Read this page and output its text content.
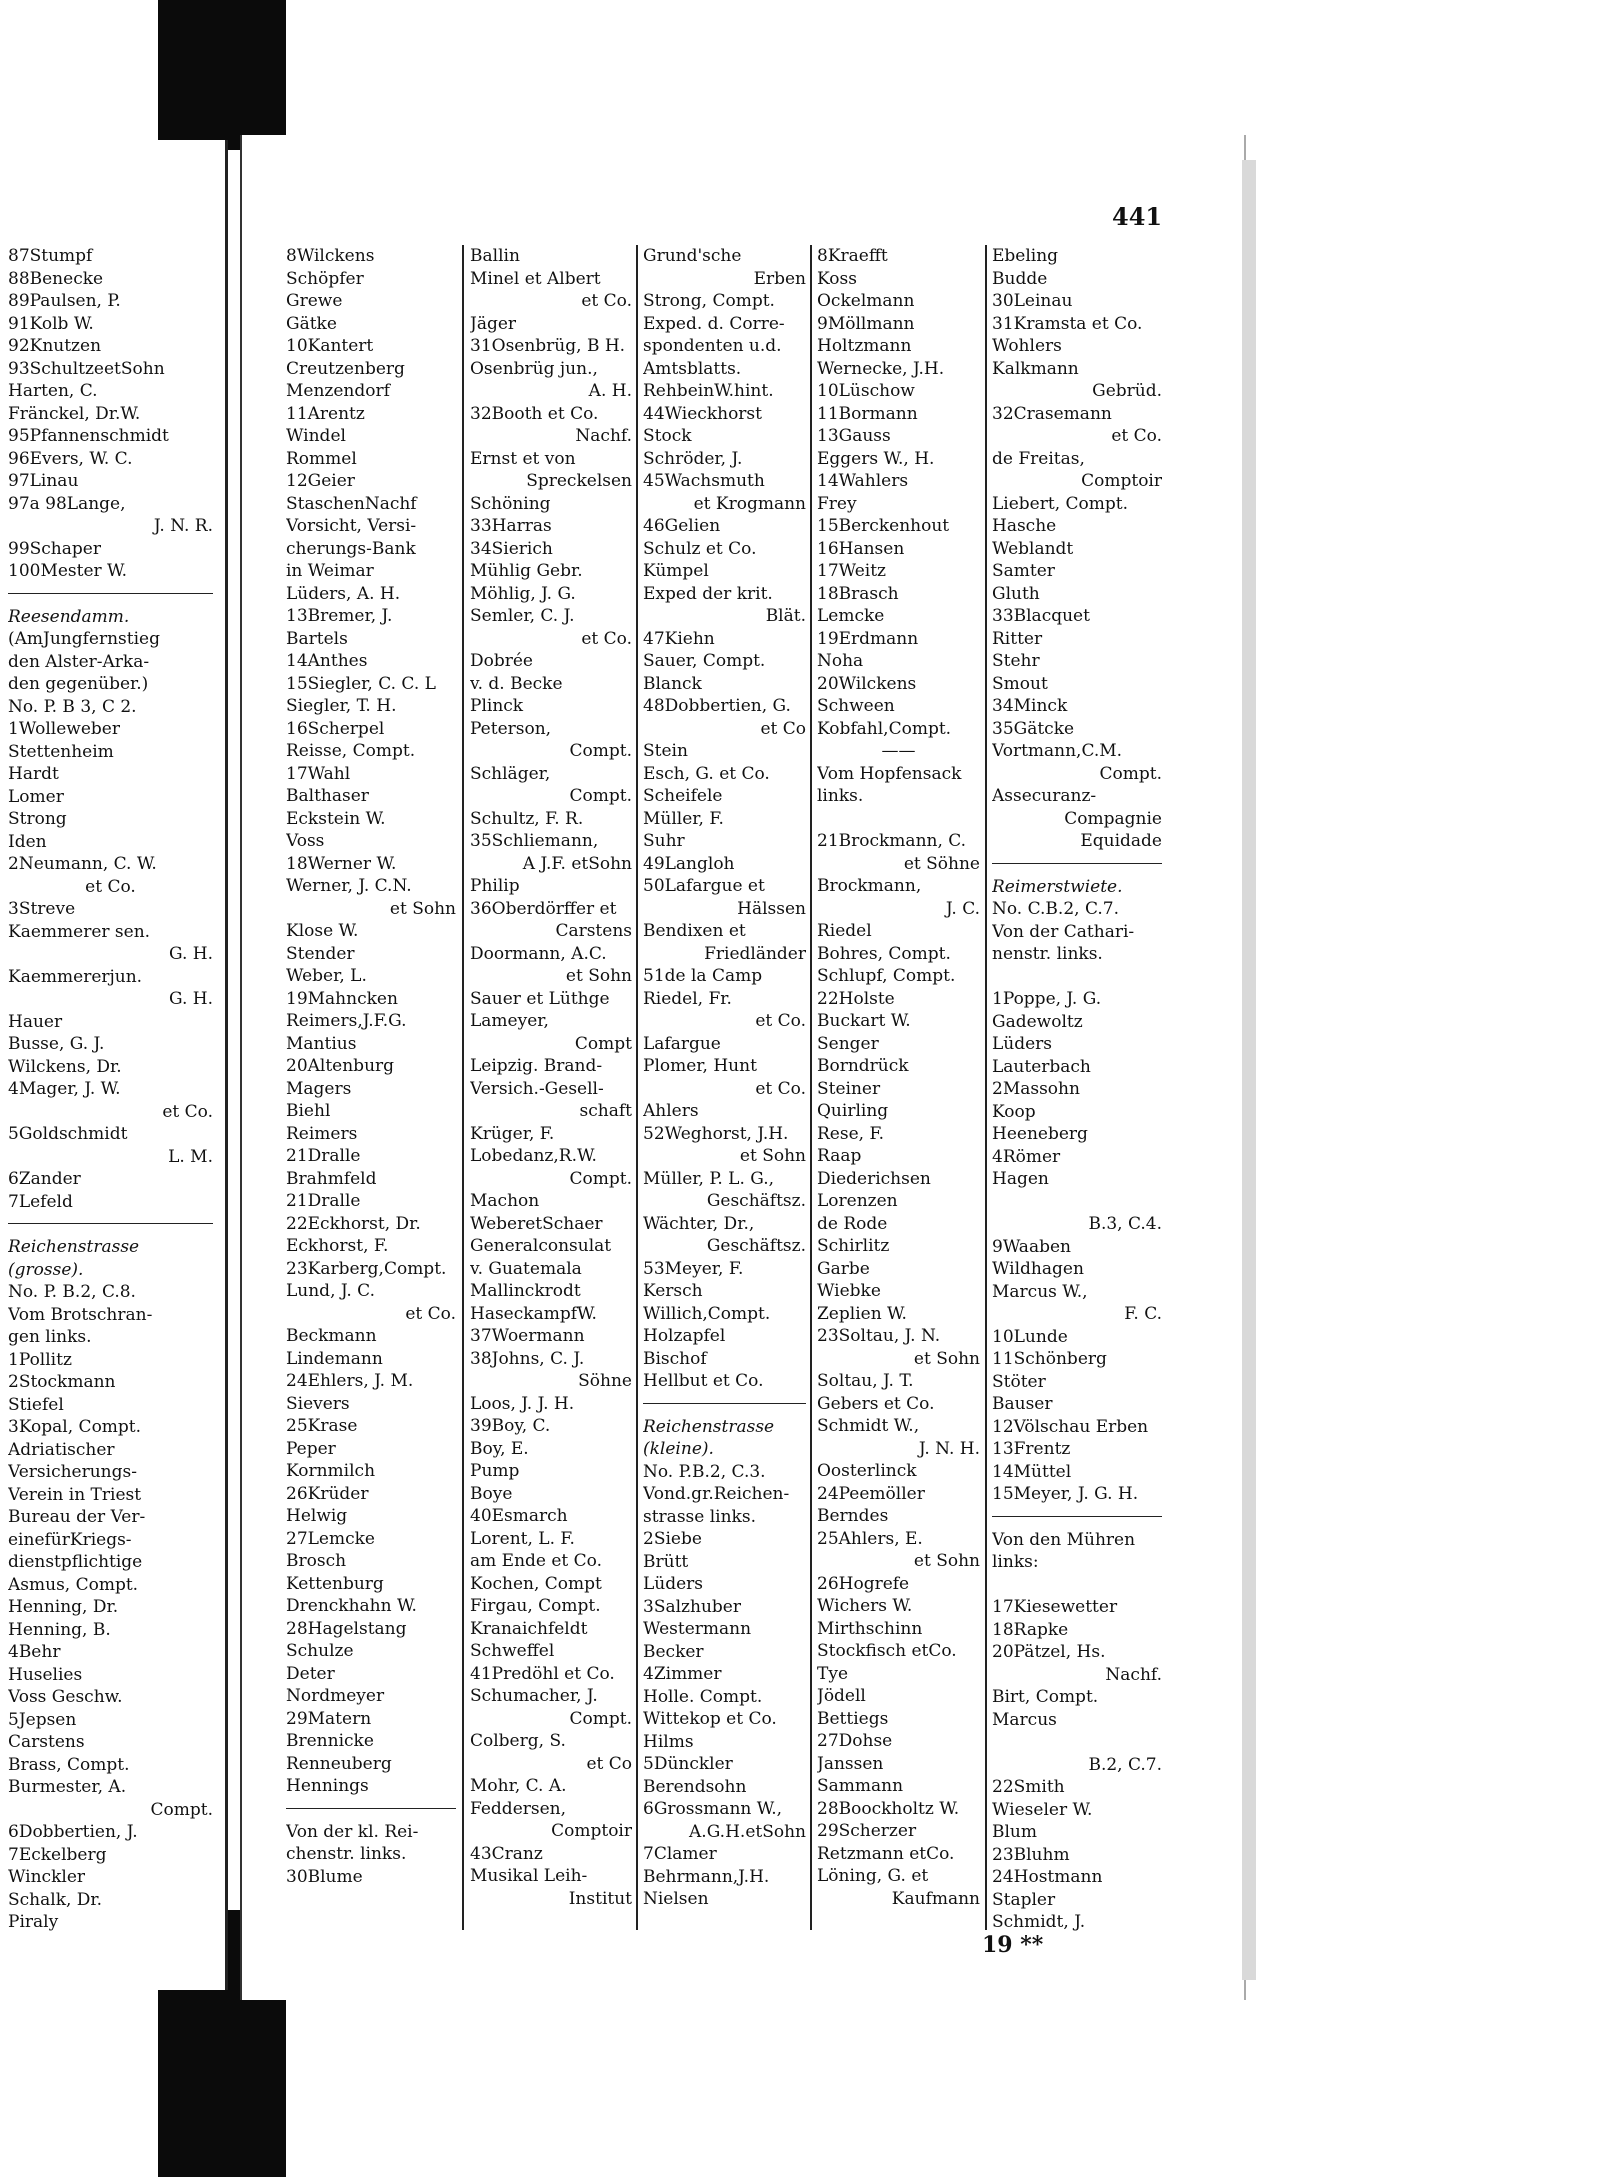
441
87Stumpf
88Benecke
89Paulsen, P.
91Kolb W.
92Knutzen
93SchultzeetSohn
Harten, C.
Fränckel, Dr.W.
95Pfannenschmidt
96Evers, W. C.
97Linau
97a 98Lange,
J. N. R.
99Schaper
100Mester W.
Reesendamm.
(AmJungfernstieg
den Alster-Arka-
den gegenüber.)
No. P. B 3, C 2.
1Wolleweber
Stettenheim
Hardt
Lomer
Strong
Iden
2Neumann, C. W.
et Co.
3Streve
Kaemmerer sen.
G. H.
Kaemmererjun.
G. H.
Hauer
Busse, G. J.
Wilckens, Dr.
4Mager, J. W.
et Co.
5Goldschmidt
L. M.
6Zander
7Lefeld
Reichenstrasse
(grosse).
No. P. B.2, C.8.
Vom Brotschran-
gen links.
1Pollitz
2Stockmann
Stiefel
3Kopal, Compt.
Adriatischer
Versicherungs-
Verein in Triest
Bureau der Ver-
einefürKriegs-
dienstpflichtige
Asmus, Compt.
Henning, Dr.
Henning, B.
4Behr
Huselies
Voss Geschw.
5Jepsen
Carstens
Brass, Compt.
Burmester, A.
Compt.
6Dobbertien, J.
7Eckelberg
Winckler
Schalk, Dr.
Piraly
8Wilckens
Schöpfer
Grewe
Gätke
10Kantert
Creutzenberg
Menzendorf
11Arentz
Windel
Rommel
12Geier
StaschenNachf
Vorsicht, Versi-
cherungs-Bank
in Weimar
Lüders, A. H.
13Bremer, J.
Bartels
14Anthes
15Siegler, C. C. L
Siegler, T. H.
16Scherpel
Reisse, Compt.
17Wahl
Balthaser
Eckstein W.
Voss
18Werner W.
Werner, J. C.N.
et Sohn
Klose W.
Stender
Weber, L.
19Mahncken
Reimers,J.F.G.
Mantius
20Altenburg
Magers
Biehl
Reimers
21Dralle
Brahmfeld
21Dralle
22Eckhorst, Dr.
Eckhorst, F.
23Karberg,Compt.
Lund, J. C.
et Co.
Beckmann
Lindemann
24Ehlers, J. M.
Sievers
25Krase
Peper
Kornmilch
26Krüder
Helwig
27Lemcke
Brosch
Kettenburg
Drenckhahn W.
28Hagelstang
Schulze
Deter
Nordmeyer
29Matern
Brennicke
Renneuberg
Hennings
Von der kl. Rei-
chenstr. links.
30Blume
Ballin
Minel et Albert
et Co.
Jäger
31Osenbrüg, B H.
Osenbrüg jun.,
A. H.
32Booth et Co.
Nachf.
Ernst et von
Spreckelsen
Schöning
33Harras
34Sierich
Mühlig Gebr.
Möhlig, J. G.
Semler, C. J.
et Co.
Dobrée
v. d. Becke
Plinck
Peterson,
Compt.
Schläger,
Compt.
Schultz, F. R.
35Schliemann,
A J.F. etSohn
Philip
36Oberdörffer et
Carstens
Doormann, A.C.
et Sohn
Sauer et Lüthge
Lameyer,
Compt
Leipzig. Brand-
Versich.-Gesell-
schaft
Krüger, F.
Lobedanz,R.W.
Compt.
Machon
WeberetSchaer
Generalconsulat
v. Guatemala
Mallinckrodt
HaseckampfW.
37Woermann
38Johns, C. J.
Söhne
Loos, J. J. H.
39Boy, C.
Boy, E.
Pump
Boye
40Esmarch
Lorent, L. F.
am Ende et Co.
Kochen, Compt
Firgau, Compt.
Kranaichfeldt
Schweffel
41Predöhl et Co.
Schumacher, J.
Compt.
Colberg, S.
et Co
Mohr, C. A.
Feddersen,
Comptoir
43Cranz
Musikal Leih-
Institut
Grund'sche
Erben
Strong, Compt.
Exped. d. Corre-
spondenten u.d.
Amtsblatts.
RehbeinW.hint.
44Wieckhorst
Stock
Schröder, J.
45Wachsmuth
et Krogmann
46Gelien
Schulz et Co.
Kümpel
Exped der krit.
Blät.
47Kiehn
Sauer, Compt.
Blanck
48Dobbertien, G.
et Co
Stein
Esch, G. et Co.
Scheifele
Müller, F.
Suhr
49Langloh
50Lafargue et
Hälssen
Bendixen et
Friedländer
51de la Camp
Riedel, Fr.
et Co.
Lafargue
Plomer, Hunt
et Co.
Ahlers
52Weghorst, J.H.
et Sohn
Müller, P. L. G.,
Geschäftsz.
Wächter, Dr.,
Geschäftsz.
53Meyer, F.
Kersch
Willich,Compt.
Holzapfel
Bischof
Hellbut et Co.
Reichenstrasse
(kleine).
No. P.B.2, C.3.
Vond.gr.Reichen-
strasse links.
2Siebe
Brütt
Lüders
3Salzhuber
Westermann
Becker
4Zimmer
Holle. Compt.
Wittekop et Co.
Hilms
5Dünckler
Berendsohn
6Grossmann W.,
A.G.H.etSohn
7Clamer
Behrmann,J.H.
Nielsen
8Kraefft
Koss
Ockelmann
9Möllmann
Holtzmann
Wernecke, J.H.
10Lüschow
11Bormann
13Gauss
Eggers W., H.
14Wahlers
Frey
15Berckenhout
16Hansen
17Weitz
18Brasch
Lemcke
19Erdmann
Noha
20Wilckens
Schween
Kobfahl,Compt.
——
Vom Hopfensack
links.
21Brockmann, C.
et Söhne
Brockmann,
J. C.
Riedel
Bohres, Compt.
Schlupf, Compt.
22Holste
Buckart W.
Senger
Borndrück
Steiner
Quirling
Rese, F.
Raap
Diederichsen
Lorenzen
de Rode
Schirlitz
Garbe
Wiebke
Zeplien W.
23Soltau, J. N.
et Sohn
Soltau, J. T.
Gebers et Co.
Schmidt W.,
J. N. H.
Oosterlinck
24Peemöller
Berndes
25Ahlers, E.
et Sohn
26Hogrefe
Wichers W.
Mirthschinn
Stockfisch etCo.
Tye
Jödell
Bettiegs
27Dohse
Janssen
Sammann
28Boockholtz W.
29Scherzer
Retzmann etCo.
Löning, G. et
Kaufmann
Ebeling
Budde
30Leinau
31Kramsta et Co.
Wohlers
Kalkmann
Gebrüd.
32Crasemann
et Co.
de Freitas,
Comptoir
Liebert, Compt.
Hasche
Weblandt
Samter
Gluth
33Blacquet
Ritter
Stehr
Smout
34Minck
35Gätcke
Vortmann,C.M.
Compt.
Assecuranz-
Compagnie
Equidade
Reimerstwiete.
No. C.B.2, C.7.
Von der Cathari-
nenstr. links.
1Poppe, J. G.
Gadewoltz
Lüders
Lauterbach
2Massohn
Koop
Heeneberg
4Römer
Hagen
B.3, C.4.
9Waaben
Wildhagen
Marcus W.,
F. C.
10Lunde
11Schönberg
Stöter
Bauser
12Völschau Erben
13Frentz
14Müttel
15Meyer, J. G. H.
Von den Mühren
links:
17Kiesewetter
18Rapke
20Pätzel, Hs.
Nachf.
Birt, Compt.
Marcus
B.2, C.7.
22Smith
Wieseler W.
Blum
23Bluhm
24Hostmann
Stapler
Schmidt, J.
19 **
